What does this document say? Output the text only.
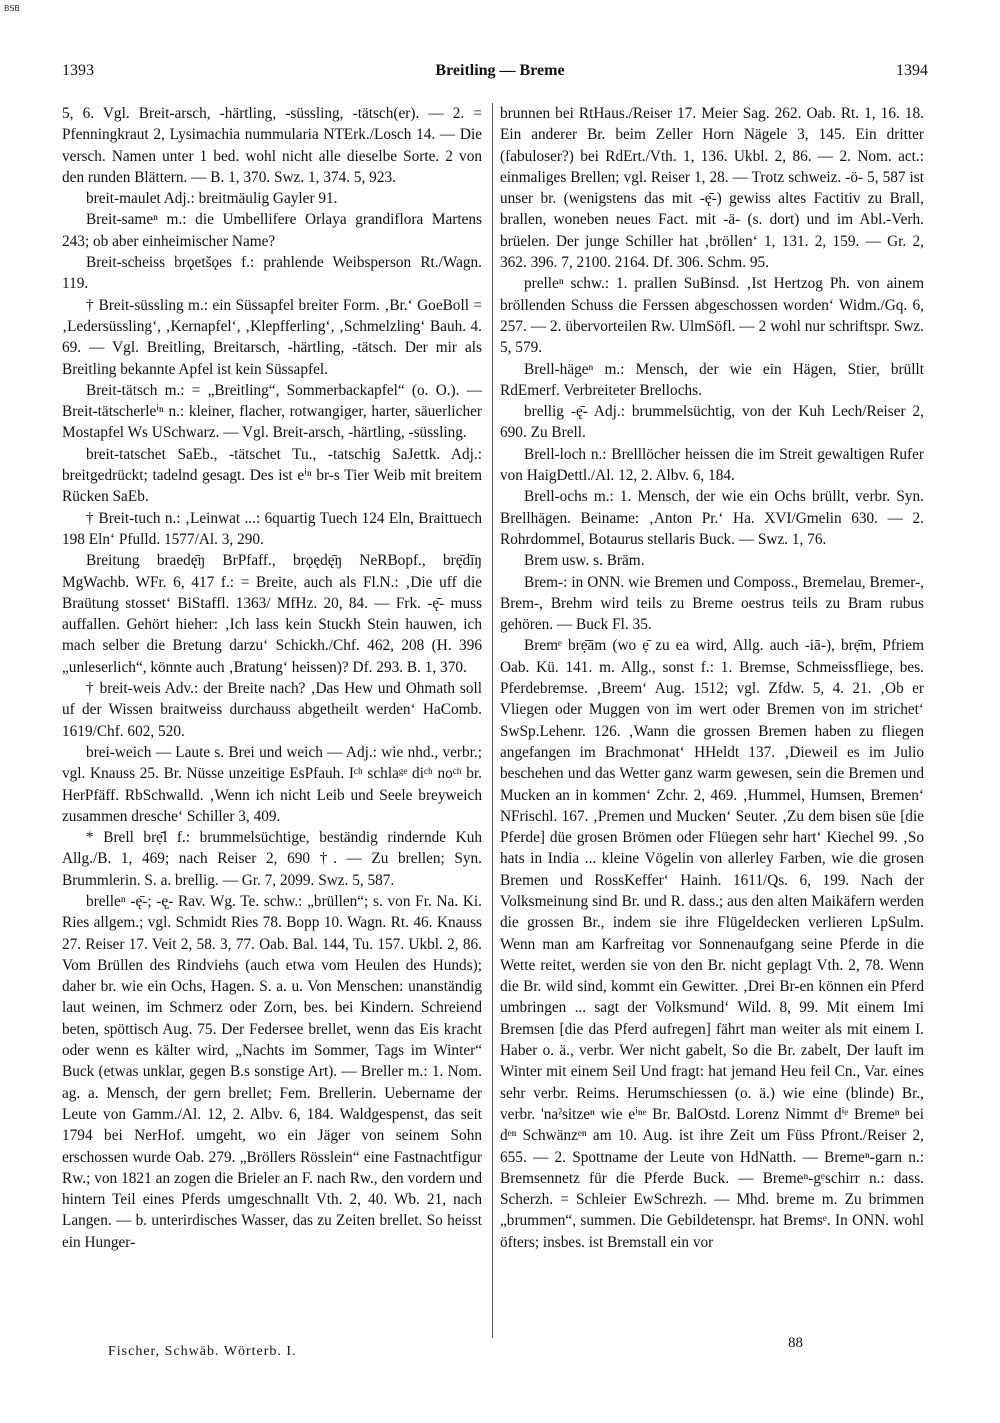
BSB
1393	Breitling — Breme	1394

5, 6. Vgl. Breit-arsch, -härtling, -süssling, -tätsch(er). — 2. = Pfenningkraut 2, Lysimachia nummularia NTErk./Losch 14. — Die versch. Namen unter 1 bed. wohl nicht alle dieselbe Sorte. 2 von den runden Blättern. — B. 1, 370. Swz. 1, 374. 5, 923.

breit-maulet Adj.: breitmäulig Gayler 91.

Breit-sameⁿ m.: die Umbellifere Orlaya grandiflora Martens 243; ob aber einheimischer Name?

Breit-scheiss brǫetšǫes f.: prahlende Weibsperson Rt./Wagn. 119.

† Breit-süssling m.: ein Süssapfel breiter Form. ‚Br.‘ GoeBoll = ‚Ledersüssling‘, ‚Kernapfel‘, ‚Klepfferling‘, ‚Schmelzling‘ Bauh. 4. 69. — Vgl. Breitling, Breitarsch, -härtling, -tätsch. Der mir als Breitling bekannte Apfel ist kein Süssapfel.

Breit-tätsch m.: = „Breitling“, Sommerbackapfel“ (o. O.). — Breit-tätscherleⁱⁿ n.: kleiner, flacher, rotwangiger, harter, säuerlicher Mostapfel Ws USchwarz. — Vgl. Breit-arsch, -härtling, -süssling.

breit-tatschet SaEb., -tätschet Tu., -tatschig SaJettk. Adj.: breitgedrückt; tadelnd gesagt. Des ist eⁱⁿ br-s Tier Weib mit breitem Rücken SaEb.

† Breit-tuch n.: ‚Leinwat ...: 6quartig Tuech 124 Eln, Braittuech 198 Eln‘ Pfulld. 1577/Al. 3, 290.

Breitung braedę̄ŋ BrPfaff., brǫędę̄ŋ NeRBopf., brę̄dīŋ MgWachb. WFr. 6, 417 f.: = Breite, auch als Fl.N.: ‚Die uff die Braütung stosset‘ BiStaffl. 1363/ MfHz. 20, 84. — Frk. -ę̄- muss auffallen. Gehört hieher: ‚Ich lass kein Stuckh Stein hauwen, ich mach selber die Bretung darzu‘ Schickh./Chf. 462, 208 (H. 396 „unleserlich“, könnte auch ‚Bratung‘ heissen)? Df. 293. B. 1, 370.

† breit-weis Adv.: der Breite nach? ‚Das Hew und Ohmath soll uf der Wissen braitweiss durchauss abgetheilt werden‘ HaComb. 1619/Chf. 602, 520.

brei-weich — Laute s. Brei und weich — Adj.: wie nhd., verbr.; vgl. Knauss 25. Br. Nüsse unzeitige EsPfauh. Iᶜʰ schlaᵍᵉ diᶜʰ noᶜʰ br. HerPfäff. RbSchwalld. ‚Wenn ich nicht Leib und Seele breyweich zusammen dresche‘ Schiller 3, 409.

* Brell brẹ̄l f.: brummelsüchtige, beständig rindernde Kuh Allg./B. 1, 469; nach Reiser 2, 690 †. — Zu brellen; Syn. Brummlerin. S. a. brellig. — Gr. 7, 2099. Swz. 5, 587.

brelleⁿ -ę̄-; -ę̣- Rav. Wg. Te. schw.: „brüllen“; s. von Fr. Na. Ki. Ries allgem.; vgl. Schmidt Ries 78. Bopp 10. Wagn. Rt. 46. Knauss 27. Reiser 17. Veit 2, 58. 3, 77. Oab. Bal. 144, Tu. 157. Ukbl. 2, 86. Vom Brüllen des Rindviehs (auch etwa vom Heulen des Hunds); daher br. wie ein Ochs, Hagen. S. a. u. Von Menschen: unanständig laut weinen, im Schmerz oder Zorn, bes. bei Kindern. Schreiend beten, spöttisch Aug. 75. Der Federsee brellet, wenn das Eis kracht oder wenn es kälter wird, „Nachts im Sommer, Tags im Winter“ Buck (etwas unklar, gegen B.s sonstige Art). — Breller m.: 1. Nom. ag. a. Mensch, der gern brellet; Fem. Brellerin. Uebername der Leute von Gamm./Al. 12, 2. Albv. 6, 184. Waldgespenst, das seit 1794 bei NerHof. umgeht, wo ein Jäger von seinem Sohn erschossen wurde Oab. 279. „Bröllers Rösslein“ eine Fastnachtfigur Rw.; von 1821 an zogen die Brieler an F. nach Rw., den vordern und hintern Teil eines Pferds umgeschnallt Vth. 2, 40. Wb. 21, nach Langen. — b. unterirdisches Wasser, das zu Zeiten brellet. So heisst ein Hunger-

brunnen bei RtHaus./Reiser 17. Meier Sag. 262. Oab. Rt. 1, 16. 18. Ein anderer Br. beim Zeller Horn Nägele 3, 145. Ein dritter (fabuloser?) bei RdErt./Vth. 1, 136. Ukbl. 2, 86. — 2. Nom. act.: einmaliges Brellen; vgl. Reiser 1, 28. — Trotz schweiz. -ö- 5, 587 ist unser br. (wenigstens das mit -ę̄-) gewiss altes Factitiv zu Brall, brallen, woneben neues Fact. mit -ä- (s. dort) und im Abl.-Verh. brüelen. Der junge Schiller hat ‚bröllen‘ 1, 131. 2, 159. — Gr. 2, 362. 396. 7, 2100. 2164. Df. 306. Schm. 95.

prelleⁿ schw.: 1. prallen SuBinsd. ‚Ist Hertzog Ph. von ainem bröllenden Schuss die Ferssen abgeschossen worden‘ Widm./Gq. 6, 257. — 2. übervorteilen Rw. UlmSöfl. — 2 wohl nur schriftspr. Swz. 5, 579.

Brell-hägeⁿ m.: Mensch, der wie ein Hägen, Stier, brüllt RdEmerf. Verbreiteter Brellochs.

brellig -ę̄- Adj.: brummelsüchtig, von der Kuh Lech/Reiser 2, 690. Zu Brell.

Brell-loch n.: Brelllöcher heissen die im Streit gewaltigen Rufer von HaigDettl./Al. 12, 2. Albv. 6, 184.

Brell-ochs m.: 1. Mensch, der wie ein Ochs brüllt, verbr. Syn. Brellhägen. Beiname: ‚Anton Pr.‘ Ha. XVI/Gmelin 630. — 2. Rohrdommel, Botaurus stellaris Buck. — Swz. 1, 76.

Brem usw. s. Bräm.

Brem-: in ONN. wie Bremen und Composs., Bremelau, Bremer-, Brem-, Brehm wird teils zu Breme oestrus teils zu Bram rubus gehören. — Buck Fl. 35.

Bremᵉ brẹ̄ām (wo ẹ̄ zu ea wird, Allg. auch -iā-), brẹ̄m, Pfriem Oab. Kü. 141. m. Allg., sonst f.: 1. Bremse, Schmeissfliege, bes. Pferdebremse. ‚Breem‘ Aug. 1512; vgl. Zfdw. 5, 4. 21. ‚Ob er Vliegen oder Muggen von im wert oder Bremen von im strichet‘ SwSp.Lehenr. 126. ‚Wann die grossen Bremen haben zu fliegen angefangen im Brachmonat‘ HHeldt 137. ‚Dieweil es im Julio beschehen und das Wetter ganz warm gewesen, sein die Bremen und Mucken an in kommen‘ Zchr. 2, 469. ‚Hummel, Humsen, Bremen‘ NFrischl. 167. ‚Premen und Mucken‘ Seuter. ‚Zu dem bisen süe [die Pferde] düe grosen Brömen oder Flüegen sehr hart‘ Kiechel 99. ‚So hats in India ... kleine Vögelin von allerley Farben, wie die grosen Bremen und RossKeffer‘ Hainh. 1611/Qs. 6, 199. Nach der Volksmeinung sind Br. und R. dass.; aus den alten Maikäfern werden die grossen Br., indem sie ihre Flügeldecken verlieren LpSulm. Wenn man am Karfreitag vor Sonnenaufgang seine Pferde in die Wette reitet, werden sie von den Br. nicht geplagt Vth. 2, 78. Wenn die Br. wild sind, kommt ein Gewitter. ‚Drei Br-en können ein Pferd umbringen ... sagt der Volksmund‘ Wild. 8, 99. Mit einem Imi Bremsen [die das Pferd aufregen] fährt man weiter als mit einem I. Haber o. ä., verbr. Wer nicht gabelt, So die Br. zabelt, Der lauft im Winter mit einem Seil Und fragt: hat jemand Heu feil Cn., Var. eines sehr verbr. Reims. Herumschiessen (o. ä.) wie eine (blinde) Br., verbr. 'naˀsitzeⁿ wie eⁱⁿᵉ Br. BalOstd. Lorenz Nimmt dⁱᵉ Bremeⁿ bei dᵉⁿ Schwänzᵉⁿ am 10. Aug. ist ihre Zeit um Füss Pfront./Reiser 2, 655. — 2. Spottname der Leute von HdNatth. — Bremeⁿ-garn n.: Bremsennetz für die Pferde Buck. — Bremeⁿ-gᵉschirr n.: dass. Scherzh. = Schleier EwSchrezh. — Mhd. breme m. Zu brimmen „brummen“, summen. Die Gebildetenspr. hat Bremsᵉ. In ONN. wohl öfters; insbes. ist Bremstall ein vor

Fischer, Schwäb. Wörterb. I.
88
